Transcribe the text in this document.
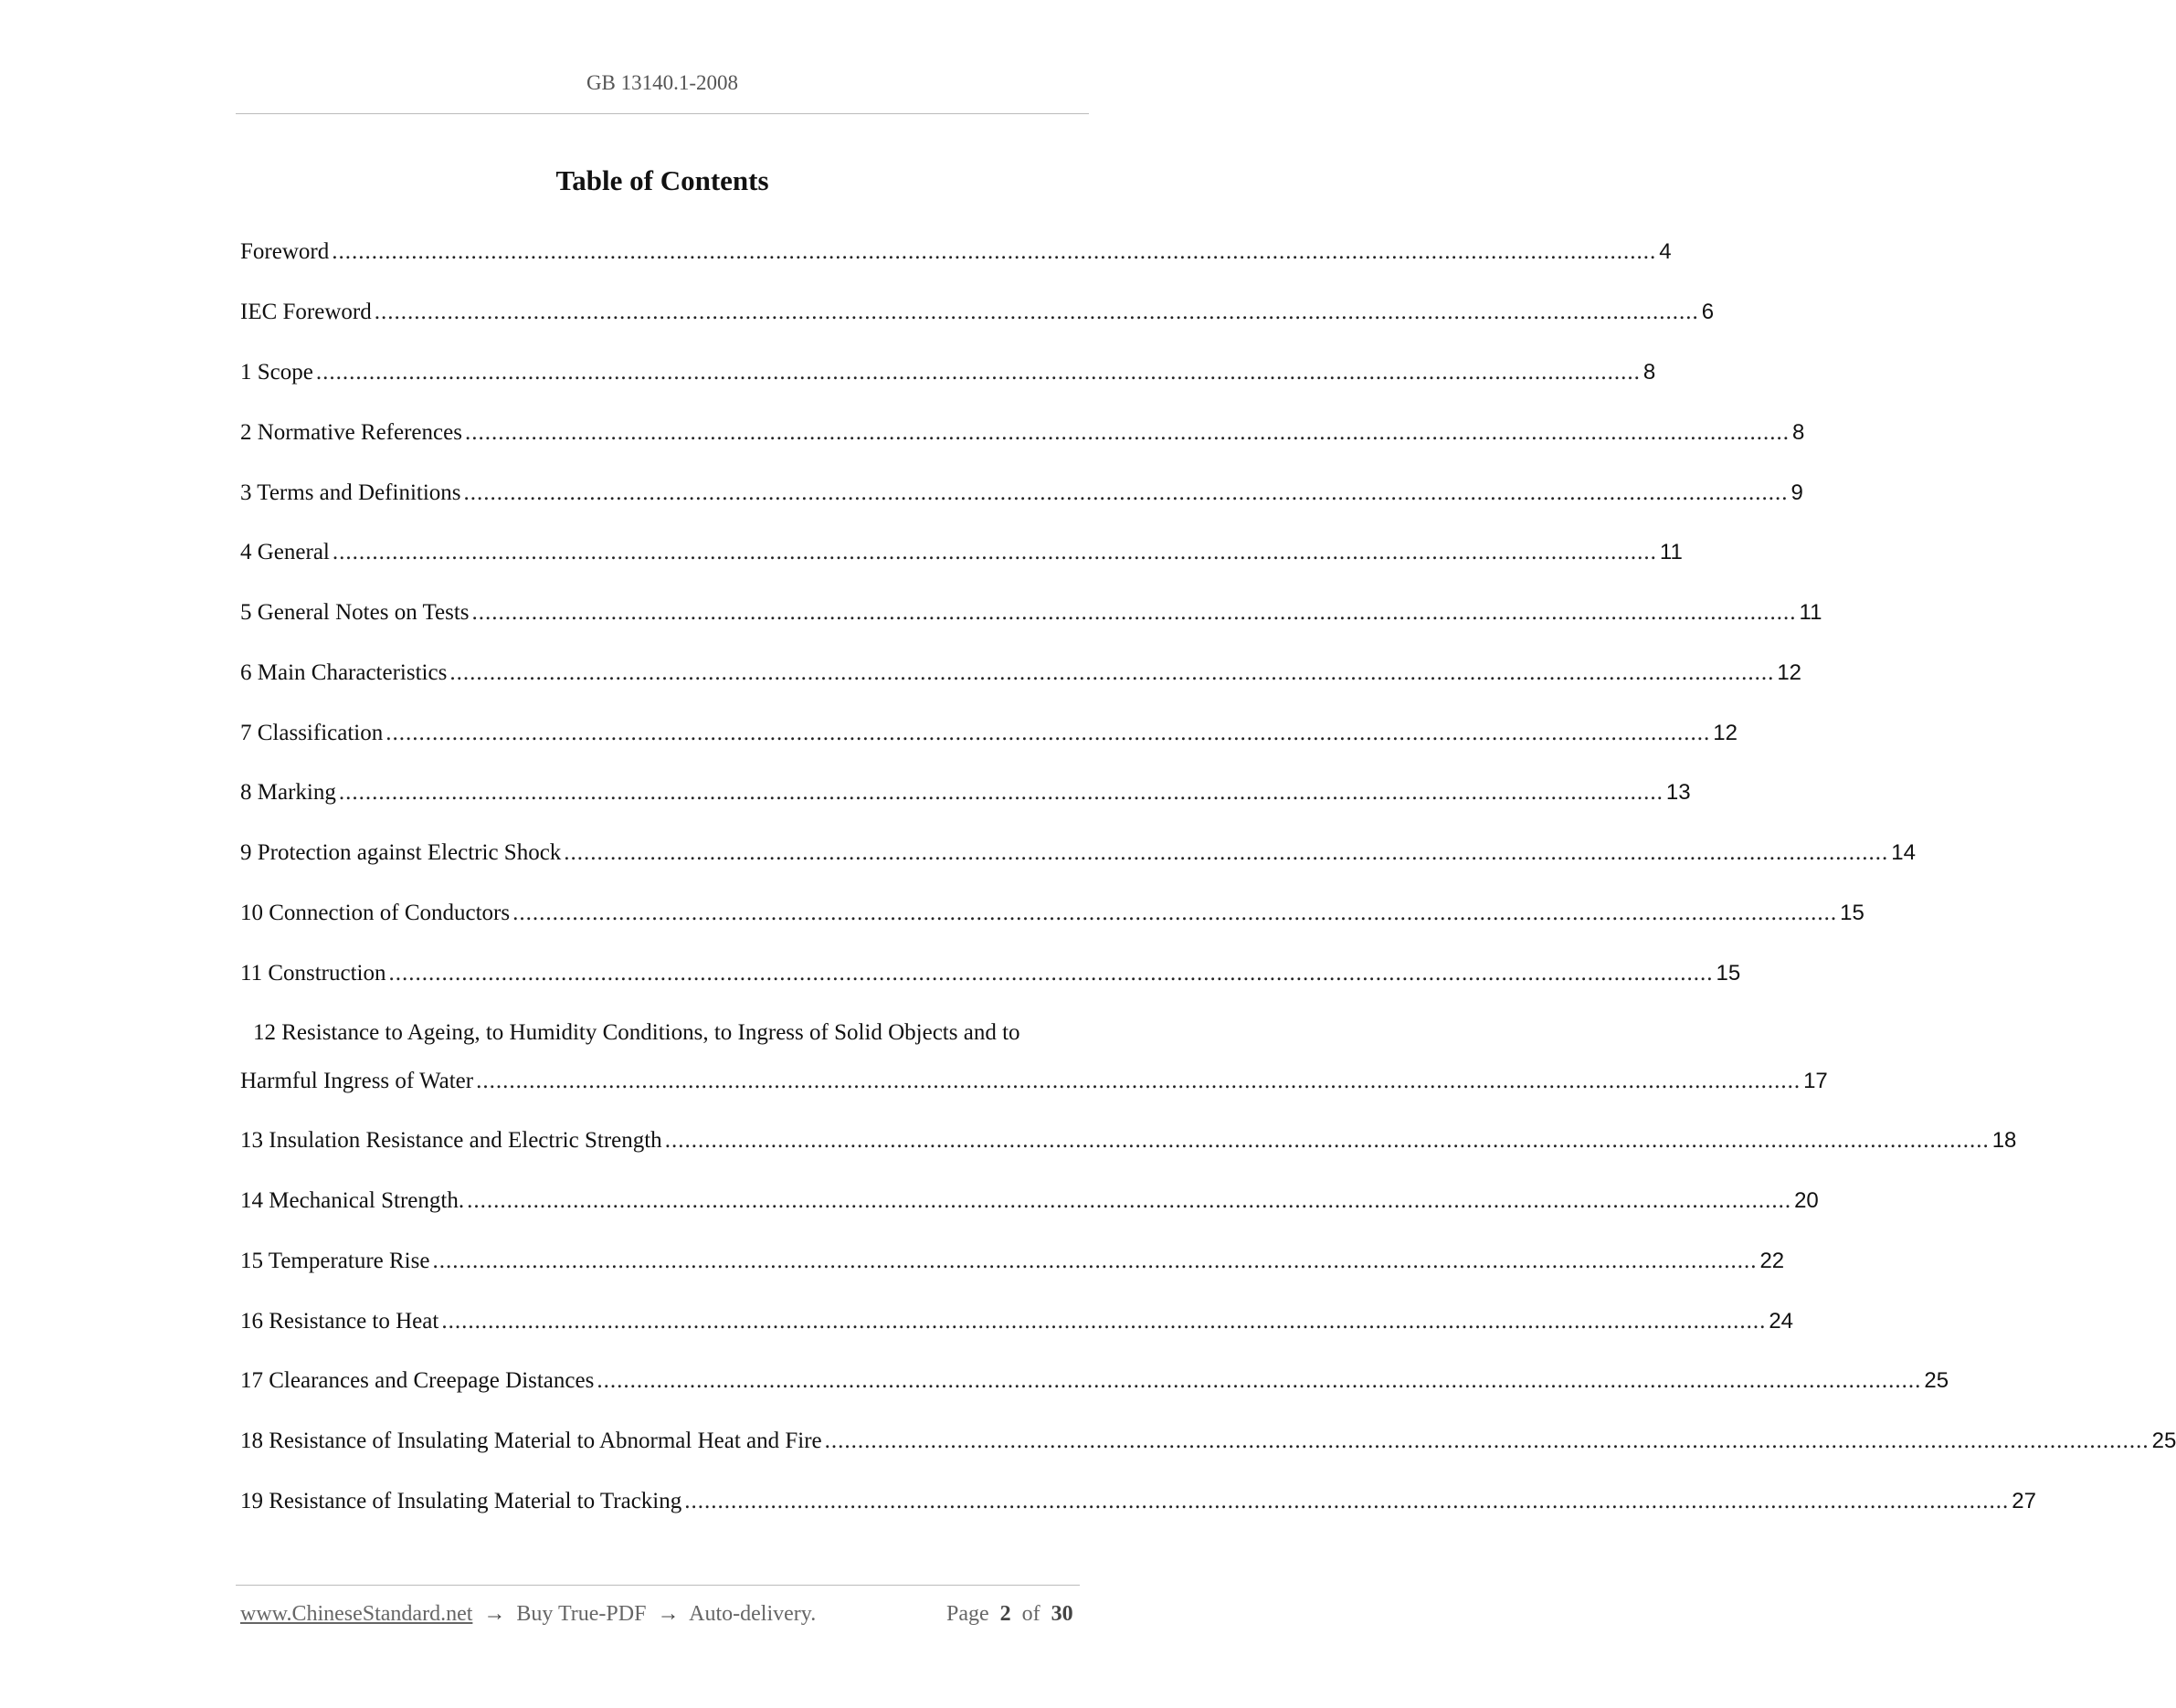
GB 13140.1-2008
Table of Contents
Foreword ........................................................................................................................................................................................................ 4
IEC Foreword ........................................................................................................................................................................................................ 6
1 Scope ........................................................................................................................................................................................................ 8
2 Normative References ........................................................................................................................................................................................................ 8
3 Terms and Definitions ........................................................................................................................................................................................................ 9
4 General ........................................................................................................................................................................................................ 11
5 General Notes on Tests ........................................................................................................................................................................................................ 11
6 Main Characteristics ........................................................................................................................................................................................................ 12
7 Classification ........................................................................................................................................................................................................ 12
8 Marking ........................................................................................................................................................................................................ 13
9 Protection against Electric Shock ........................................................................................................................................................................................................ 14
10 Connection of Conductors ........................................................................................................................................................................................................ 15
11 Construction ........................................................................................................................................................................................................ 15
12 Resistance to Ageing, to Humidity Conditions, to Ingress of Solid Objects and to
Harmful Ingress of Water ........................................................................................................................................................................................................ 17
13 Insulation Resistance and Electric Strength ........................................................................................................................................................................................................ 18
14 Mechanical Strength. ........................................................................................................................................................................................................ 20
15 Temperature Rise ........................................................................................................................................................................................................ 22
16 Resistance to Heat ........................................................................................................................................................................................................ 24
17 Clearances and Creepage Distances ........................................................................................................................................................................................................ 25
18 Resistance of Insulating Material to Abnormal Heat and Fire ........................................................................................................................................................................................................ 25
19 Resistance of Insulating Material to Tracking ........................................................................................................................................................................................................ 27
www.ChineseStandard.net → Buy True-PDF → Auto-delivery.	Page 2 of 30
